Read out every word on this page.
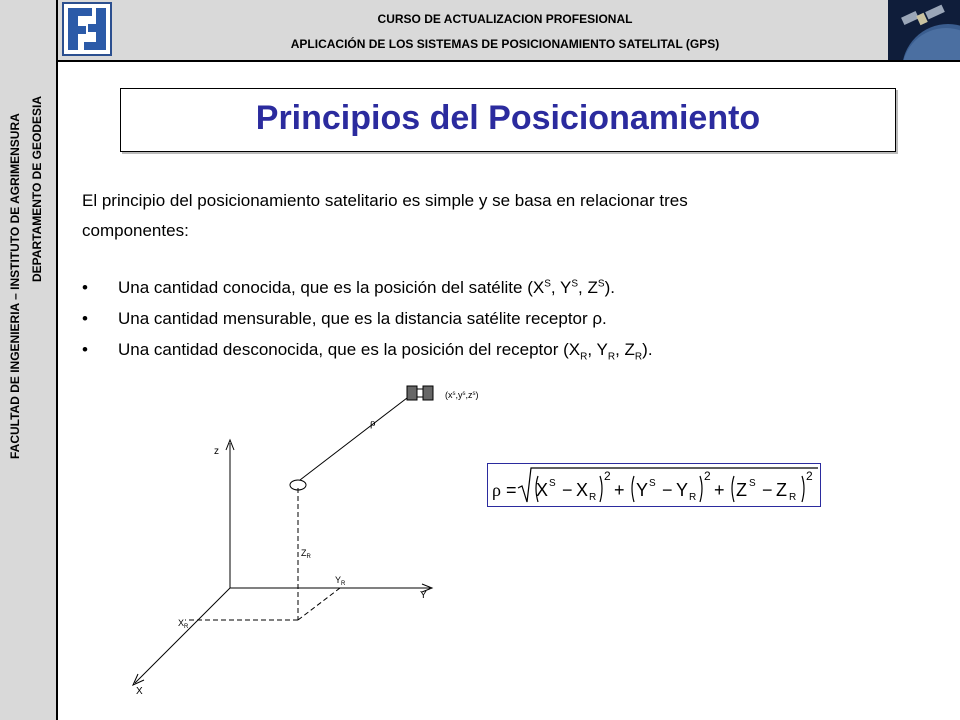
CURSO DE ACTUALIZACION PROFESIONAL
APLICACIÓN DE LOS SISTEMAS DE POSICIONAMIENTO SATELITAL (GPS)
FACULTAD DE INGENIERIA – INSTITUTO DE AGRIMENSURA DEPARTAMENTO DE GEODESIA	Principios del Posicionamiento
El principio del posicionamiento satelitario es simple y se basa en relacionar tres
componentes:
• Una cantidad conocida, que es la posición del satélite ($X^S$, $Y^S$, $Z^S$).
• Una cantidad mensurable, que es la distancia satélite receptor ρ.
• Una cantidad desconocida, que es la posición del receptor ($X_R$, $Y_R$, $Z_R$).
z
Y
X
ρ
$(x^s,y^s,z^s)$
$Z_R$
$Y_R$
$X_R$
ρ = X S − X R
2
+ Y S − Y R
2
+ Z S − Z R
2
